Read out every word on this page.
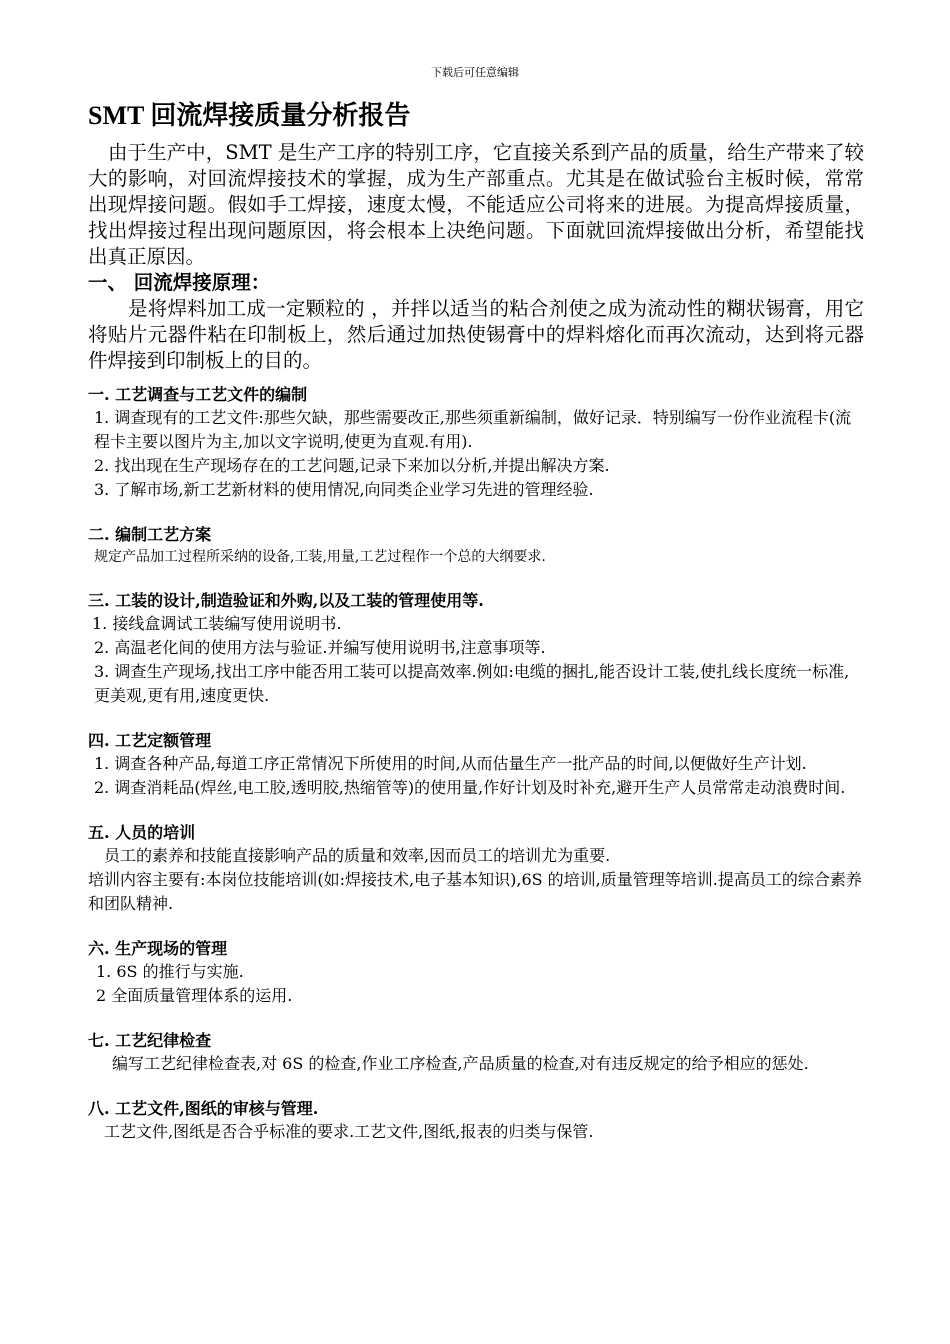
下载后可任意编辑
SMT 回流焊接质量分析报告

由于生产中，SMT 是生产工序的特别工序，它直接关系到产品的质量，给生产带来了较大的影响，对回流焊接技术的掌握，成为生产部重点。尤其是在做试验台主板时候，常常出现焊接问题。假如手工焊接，速度太慢，不能适应公司将来的进展。为提高焊接质量，找出焊接过程出现问题原因，将会根本上决绝问题。下面就回流焊接做出分析，希望能找出真正原因。

一、 回流焊接原理：

是将焊料加工成一定颗粒的 ，并拌以适当的粘合剂使之成为流动性的糊状锡膏，用它将贴片元器件粘在印制板上，然后通过加热使锡膏中的焊料熔化而再次流动，达到将元器件焊接到印制板上的目的。

一. 工艺调查与工艺文件的编制

1. 调查现有的工艺文件:那些欠缺，那些需要改正,那些须重新编制，做好记录．特别编写一份作业流程卡(流程卡主要以图片为主,加以文字说明,使更为直观.有用).

2. 找出现在生产现场存在的工艺问题,记录下来加以分析,并提出解决方案.

3. 了解市场,新工艺新材料的使用情况,向同类企业学习先进的管理经验.

二. 编制工艺方案

规定产品加工过程所采纳的设备,工装,用量,工艺过程作一个总的大纲要求.

三. 工装的设计,制造验证和外购,以及工装的管理使用等.

1. 接线盒调试工装编写使用说明书.

2. 高温老化间的使用方法与验证.并编写使用说明书,注意事项等.

3. 调查生产现场,找出工序中能否用工装可以提高效率.例如:电缆的捆扎,能否设计工装,使扎线长度统一标准,更美观,更有用,速度更快.

四. 工艺定额管理

1. 调查各种产品,每道工序正常情况下所使用的时间,从而估量生产一批产品的时间,以便做好生产计划.

2. 调查消耗品(焊丝,电工胶,透明胶,热缩管等)的使用量,作好计划及时补充,避开生产人员常常走动浪费时间.

五. 人员的培训

员工的素养和技能直接影响产品的质量和效率,因而员工的培训尤为重要.

培训内容主要有:本岗位技能培训(如:焊接技术,电子基本知识),6S 的培训,质量管理等培训.提高员工的综合素养和团队精神.

六. 生产现场的管理

1. 6S 的推行与实施.

2 全面质量管理体系的运用.

七. 工艺纪律检查

编写工艺纪律检查表,对 6S 的检查,作业工序检查,产品质量的检查,对有违反规定的给予相应的惩处.

八. 工艺文件,图纸的审核与管理.

工艺文件,图纸是否合乎标准的要求.工艺文件,图纸,报表的归类与保管.
